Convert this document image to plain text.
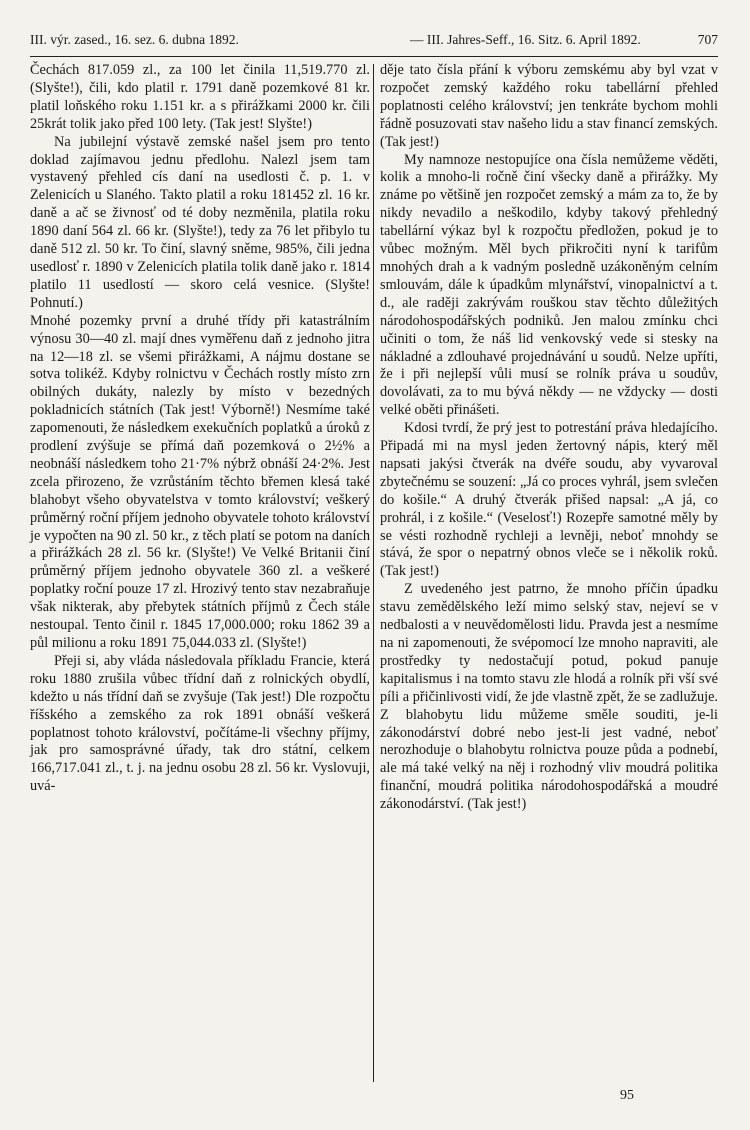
III. výr. zased., 16. sez. 6. dubna 1892.	— III. Jahres-Seff., 16. Sitz. 6. April 1892.	707

Čechách 817.059 zl., za 100 let činila 11,519.770 zl. (Slyšte!), čili, kdo platil r. 1791 daně pozemkové 81 kr. platil loňského roku 1.151 kr. a s přirážkami 2000 kr. čili 25krát tolik jako před 100 lety. (Tak jest! Slyšte!)

Na jubilejní výstavě zemské našel jsem pro tento doklad zajímavou jednu předlohu. Nalezl jsem tam vystavený přehled cís daní na usedlosti č. p. 1. v Zelenicích u Slaného. Takto platil a roku 181452 zl. 16 kr. daně a ač se živnosť od té doby nezměnila, platila roku 1890 daní 564 zl. 66 kr. (Slyšte!), tedy za 76 let přibylo tu daně 512 zl. 50 kr. To činí, slavný sněme, 985%, čili jedna usedlosť r. 1890 v Zelenicích platila tolik daně jako r. 1814 platilo 11 usedlostí — skoro celá vesnice. (Slyšte! Pohnutí.)

Mnohé pozemky první a druhé třídy při katastrálním výnosu 30—40 zl. mají dnes vyměřenu daň z jednoho jitra na 12—18 zl. se všemi přirážkami, A nájmu dostane se sotva tolikéž. Kdyby rolnictvu v Čechách rostly místo zrn obilných dukáty, nalezly by místo v bezedných pokladnicích státních (Tak jest! Výborně!) Nesmíme také zapomenouti, že následkem exekučních poplatků a úroků z prodlení zvýšuje se přímá daň pozemková o 2½% a neobnáší následkem toho 21·7% nýbrž obnáší 24·2%. Jest zcela přirozeno, že vzrůstáním těchto břemen klesá také blahobyt všeho obyvatelstva v tomto království; veškerý průměrný roční příjem jednoho obyvatele tohoto království je vypočten na 90 zl. 50 kr., z těch platí se potom na daních a přirážkách 28 zl. 56 kr. (Slyšte!) Ve Velké Britanii činí průměrný příjem jednoho obyvatele 360 zl. a veškeré poplatky roční pouze 17 zl. Hrozivý tento stav nezabraňuje však nikterak, aby přebytek státních příjmů z Čech stále nestoupal. Tento činil r. 1845 17,000.000; roku 1862 39 a půl milionu a roku 1891 75,044.033 zl. (Slyšte!)

Přeji si, aby vláda následovala příkladu Francie, která roku 1880 zrušila vůbec třídní daň z rolnických obydlí, kdežto u nás třídní daň se zvyšuje (Tak jest!) Dle rozpočtu říšského a zemského za rok 1891 obnáší veškerá poplatnost tohoto království, počítáme-li všechny příjmy, jak pro samosprávné úřady, tak dro státní, celkem 166,717.041 zl., t. j. na jednu osobu 28 zl. 56 kr. Vyslovuji, uvá-

děje tato čísla přání k výboru zemskému aby byl vzat v rozpočet zemský každého roku tabellární přehled poplatnosti celého království; jen tenkráte bychom mohli řádně posuzovati stav našeho lidu a stav financí zemských. (Tak jest!)

My namnoze nestopujíce ona čísla nemůžeme věděti, kolik a mnoho-li ročně činí všecky daně a přirážky. My známe po většině jen rozpočet zemský a mám za to, že by nikdy nevadilo a neškodilo, kdyby takový přehledný tabellární výkaz byl k rozpočtu předložen, pokud je to vůbec možným. Měl bych přikročiti nyní k tarifům mnohých drah a k vadným posledně uzákoněným celním smlouvám, dále k úpadkům mlynářství, vinopalnictví a t. d., ale raději zakrývám rouškou stav těchto důležitých národohospodářských podniků. Jen malou zmínku chci učiniti o tom, že náš lid venkovský vede si stesky na nákladné a zdlouhavé projednávání u soudů. Nelze upříti, že i při nejlepší vůli musí se rolník práva u soudův, dovolávati, za to mu bývá někdy — ne vždycky — dosti velké oběti přinášeti.

Kdosi tvrdí, že prý jest to potrestání práva hledajícího. Připadá mi na mysl jeden žertovný nápis, který měl napsati jakýsi čtverák na dvéře soudu, aby vyvaroval zbytečnému se souzení: „Já co proces vyhrál, jsem svlečen do košile.“ A druhý čtverák přišed napsal: „A já, co prohrál, i z košile.“ (Veselosť!) Rozepře samotné měly by se vésti rozhodně rychleji a levněji, neboť mnohdy se stává, že spor o nepatrný obnos vleče se i několik roků. (Tak jest!)

Z uvedeného jest patrno, že mnoho příčin úpadku stavu zemědělského leží mimo selský stav, nejeví se v nedbalosti a v neuvědomělosti lidu. Pravda jest a nesmíme na ni zapomenouti, že svépomocí lze mnoho napraviti, ale prostředky ty nedostačují potud, pokud panuje kapitalismus i na tomto stavu zle hlodá a rolník při vší své píli a přičinlivosti vidí, že jde vlastně zpět, že se zadlužuje. Z blahobytu lidu můžeme směle souditi, je-li zákonodárství dobré nebo jest-li jest vadné, neboť nerozhoduje o blahobytu rolnictva pouze půda a podnebí, ale má také velký na něj i rozhodný vliv moudrá politika finanční, moudrá politika národohospodářská a moudré zákonodárství. (Tak jest!)

95
